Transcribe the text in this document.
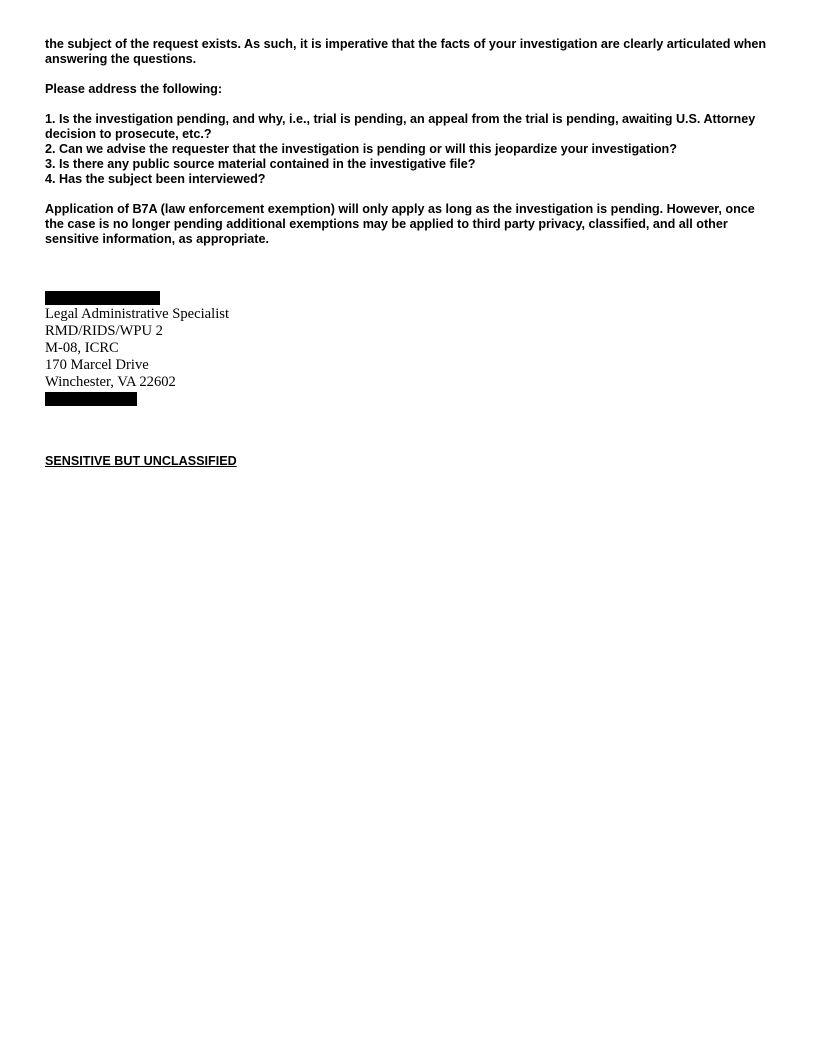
the subject of the request exists. As such, it is imperative that the facts of your investigation are clearly articulated when answering the questions.

Please address the following:

1. Is the investigation pending, and why, i.e., trial is pending, an appeal from the trial is pending, awaiting U.S. Attorney decision to prosecute, etc.?
2. Can we advise the requester that the investigation is pending or will this jeopardize your investigation?
3. Is there any public source material contained in the investigative file?
4. Has the subject been interviewed?

Application of B7A (law enforcement exemption) will only apply as long as the investigation is pending. However, once the case is no longer pending additional exemptions may be applied to third party privacy, classified, and all other sensitive information, as appropriate.

Legal Administrative Specialist
RMD/RIDS/WPU 2
M-08, ICRC
170 Marcel Drive
Winchester, VA 22602
SENSITIVE BUT UNCLASSIFIED
